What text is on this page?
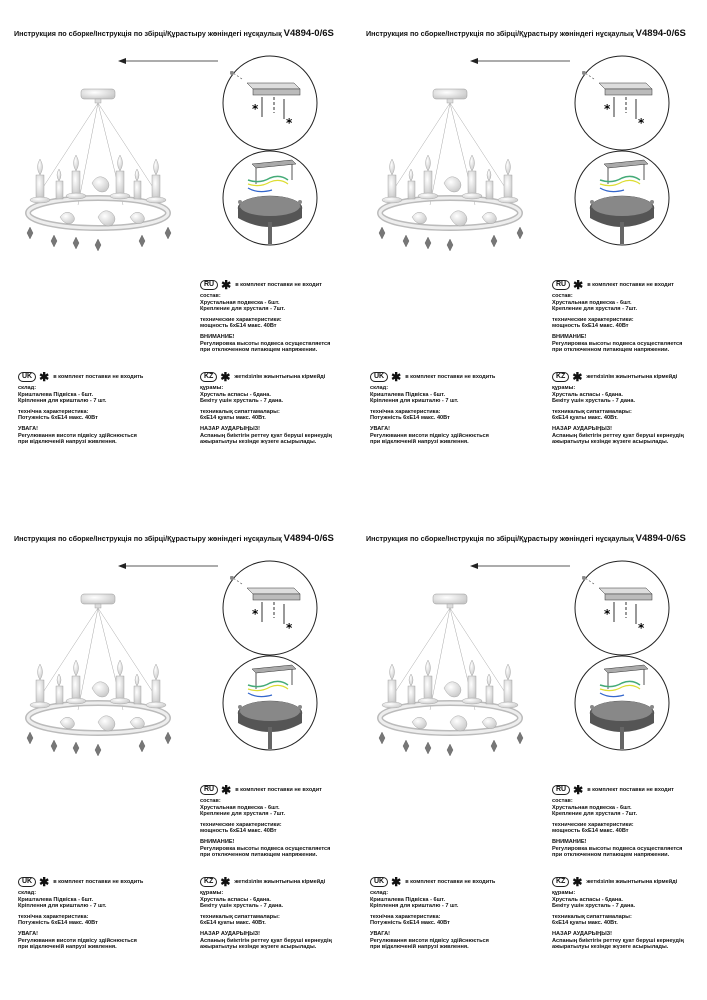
Инструкция по сборке/Інструкція по збірці/Құрастыру жөніндегі нұсқаулық V4894-0/6S
*
*
RU ✱ в комплект поставки не входит
состав:
Хрустальная подвеска - 6шт.
Крепление для хрусталя - 7шт.
технические характеристики:
мощность 6хЕ14 макс. 40Вт
ВНИМАНИЕ!
Регулировка высоты подвеса осуществляется
при отключенном питающем напряжении.
UK ✱ в комплект поставки не входить
склад:
Кришталева Підвіска - 6шт.
Кріплення для кришталю - 7 шт.
технічна характеристика:
Потужність 6хЕ14 макс. 40Вт
УВАГА!
Регулювання висоти підвісу здійснюється
при відключеній напрузі живлення.
KZ ✱ жеткізілім жиынтығына кірмейді
құрамы:
Хрусталь аспасы - 6дана.
Бекіту үшін хрусталь - 7 дана.
техникалық сипаттамалары:
6хЕ14 қуаты макс. 40Вт.
НАЗАР АУДАРЫҢЫЗ!
Аспаның биіктігін реттеу қуат беруші кернеудің
ажыратылуы кезінде жүзеге асырылады.
Инструкция по сборке/Інструкція по збірці/Құрастыру жөніндегі нұсқаулық V4894-0/6S
*
*
RU ✱ в комплект поставки не входит
состав:
Хрустальная подвеска - 6шт.
Крепление для хрусталя - 7шт.
технические характеристики:
мощность 6хЕ14 макс. 40Вт
ВНИМАНИЕ!
Регулировка высоты подвеса осуществляется
при отключенном питающем напряжении.
UK ✱ в комплект поставки не входить
склад:
Кришталева Підвіска - 6шт.
Кріплення для кришталю - 7 шт.
технічна характеристика:
Потужність 6хЕ14 макс. 40Вт
УВАГА!
Регулювання висоти підвісу здійснюється
при відключеній напрузі живлення.
KZ ✱ жеткізілім жиынтығына кірмейді
құрамы:
Хрусталь аспасы - 6дана.
Бекіту үшін хрусталь - 7 дана.
техникалық сипаттамалары:
6хЕ14 қуаты макс. 40Вт.
НАЗАР АУДАРЫҢЫЗ!
Аспаның биіктігін реттеу қуат беруші кернеудің
ажыратылуы кезінде жүзеге асырылады.
Инструкция по сборке/Інструкція по збірці/Құрастыру жөніндегі нұсқаулық V4894-0/6S
*
*
RU ✱ в комплект поставки не входит
состав:
Хрустальная подвеска - 6шт.
Крепление для хрусталя - 7шт.
технические характеристики:
мощность 6хЕ14 макс. 40Вт
ВНИМАНИЕ!
Регулировка высоты подвеса осуществляется
при отключенном питающем напряжении.
UK ✱ в комплект поставки не входить
склад:
Кришталева Підвіска - 6шт.
Кріплення для кришталю - 7 шт.
технічна характеристика:
Потужність 6хЕ14 макс. 40Вт
УВАГА!
Регулювання висоти підвісу здійснюється
при відключеній напрузі живлення.
KZ ✱ жеткізілім жиынтығына кірмейді
құрамы:
Хрусталь аспасы - 6дана.
Бекіту үшін хрусталь - 7 дана.
техникалық сипаттамалары:
6хЕ14 қуаты макс. 40Вт.
НАЗАР АУДАРЫҢЫЗ!
Аспаның биіктігін реттеу қуат беруші кернеудің
ажыратылуы кезінде жүзеге асырылады.
Инструкция по сборке/Інструкція по збірці/Құрастыру жөніндегі нұсқаулық V4894-0/6S
*
*
RU ✱ в комплект поставки не входит
состав:
Хрустальная подвеска - 6шт.
Крепление для хрусталя - 7шт.
технические характеристики:
мощность 6хЕ14 макс. 40Вт
ВНИМАНИЕ!
Регулировка высоты подвеса осуществляется
при отключенном питающем напряжении.
UK ✱ в комплект поставки не входить
склад:
Кришталева Підвіска - 6шт.
Кріплення для кришталю - 7 шт.
технічна характеристика:
Потужність 6хЕ14 макс. 40Вт
УВАГА!
Регулювання висоти підвісу здійснюється
при відключеній напрузі живлення.
KZ ✱ жеткізілім жиынтығына кірмейді
құрамы:
Хрусталь аспасы - 6дана.
Бекіту үшін хрусталь - 7 дана.
техникалық сипаттамалары:
6хЕ14 қуаты макс. 40Вт.
НАЗАР АУДАРЫҢЫЗ!
Аспаның биіктігін реттеу қуат беруші кернеудің
ажыратылуы кезінде жүзеге асырылады.
